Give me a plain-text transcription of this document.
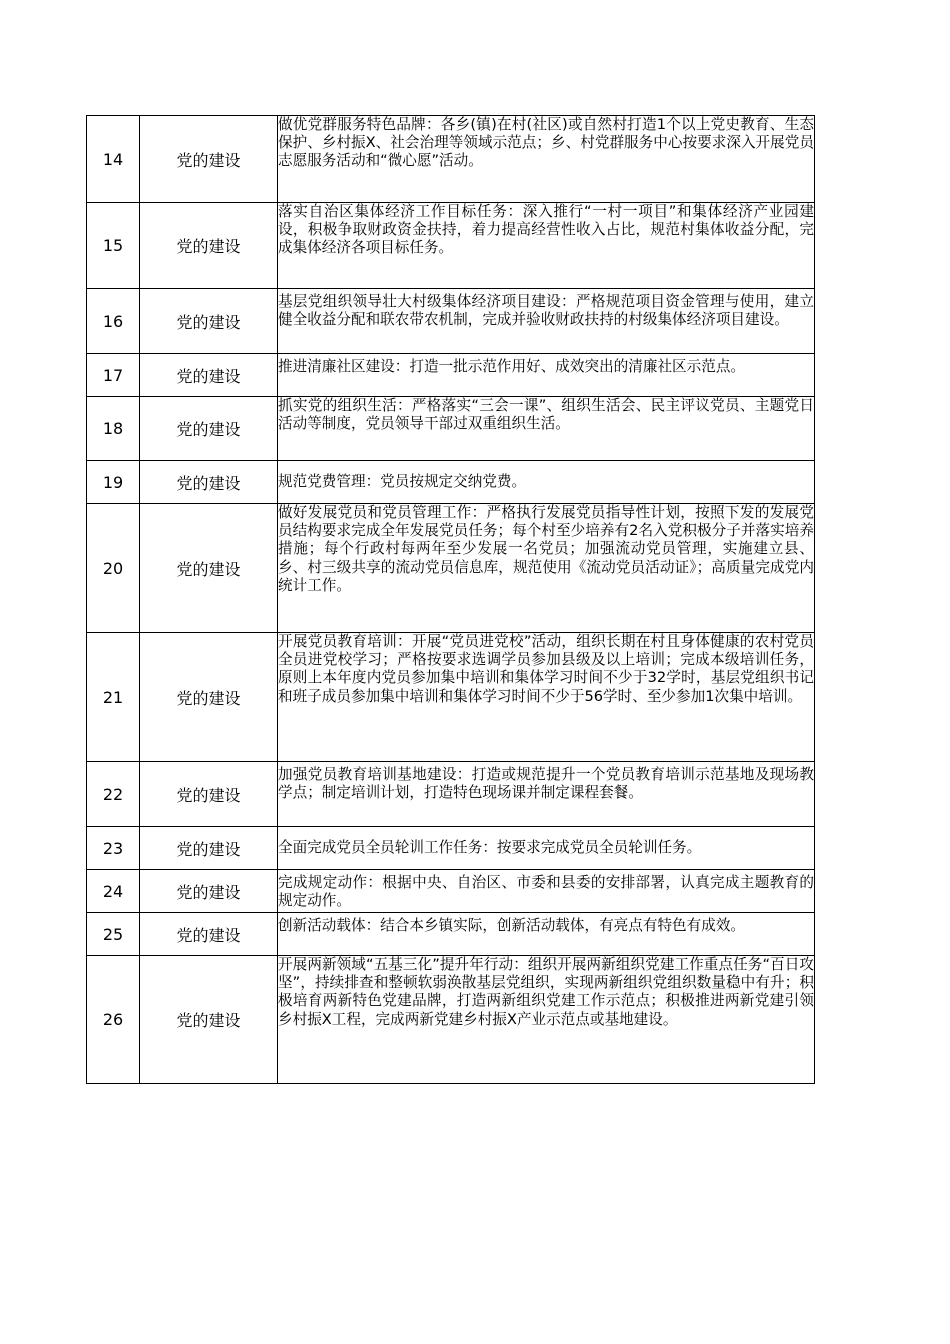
14	党的建设	做优党群服务特色品牌：各乡(镇)在村(社区)或自然村打造1个以上党史教育、生态保护、乡村振X、社会治理等领域示范点；乡、村党群服务中心按要求深入开展党员志愿服务活动和“微心愿”活动。
15	党的建设	落实自治区集体经济工作目标任务：深入推行“一村一项目”和集体经济产业园建设，积极争取财政资金扶持，着力提高经营性收入占比，规范村集体收益分配，完成集体经济各项目标任务。
16	党的建设	基层党组织领导壮大村级集体经济项目建设：严格规范项目资金管理与使用，建立健全收益分配和联农带农机制，完成并验收财政扶持的村级集体经济项目建设。
17	党的建设	推进清廉社区建设：打造一批示范作用好、成效突出的清廉社区示范点。
18	党的建设	抓实党的组织生活：严格落实“三会一课”、组织生活会、民主评议党员、主题党日活动等制度，党员领导干部过双重组织生活。
19	党的建设	规范党费管理：党员按规定交纳党费。
20	党的建设	做好发展党员和党员管理工作：严格执行发展党员指导性计划，按照下发的发展党员结构要求完成全年发展党员任务；每个村至少培养有2名入党积极分子并落实培养措施；每个行政村每两年至少发展一名党员；加强流动党员管理，实施建立县、乡、村三级共享的流动党员信息库，规范使用《流动党员活动证》；高质量完成党内统计工作。
21	党的建设	开展党员教育培训：开展“党员进党校”活动，组织长期在村且身体健康的农村党员全员进党校学习；严格按要求选调学员参加县级及以上培训；完成本级培训任务，原则上本年度内党员参加集中培训和集体学习时间不少于32学时，基层党组织书记和班子成员参加集中培训和集体学习时间不少于56学时、至少参加1次集中培训。
22	党的建设	加强党员教育培训基地建设：打造或规范提升一个党员教育培训示范基地及现场教学点；制定培训计划，打造特色现场课并制定课程套餐。
23	党的建设	全面完成党员全员轮训工作任务：按要求完成党员全员轮训任务。
24	党的建设	完成规定动作：根据中央、自治区、市委和县委的安排部署，认真完成主题教育的规定动作。
25	党的建设	创新活动载体：结合本乡镇实际，创新活动载体，有亮点有特色有成效。
26	党的建设	开展两新领域“五基三化”提升年行动：组织开展两新组织党建工作重点任务“百日攻坚”，持续排查和整顿软弱涣散基层党组织，实现两新组织党组织数量稳中有升；积极培育两新特色党建品牌，打造两新组织党建工作示范点；积极推进两新党建引领乡村振X工程，完成两新党建乡村振X产业示范点或基地建设。
